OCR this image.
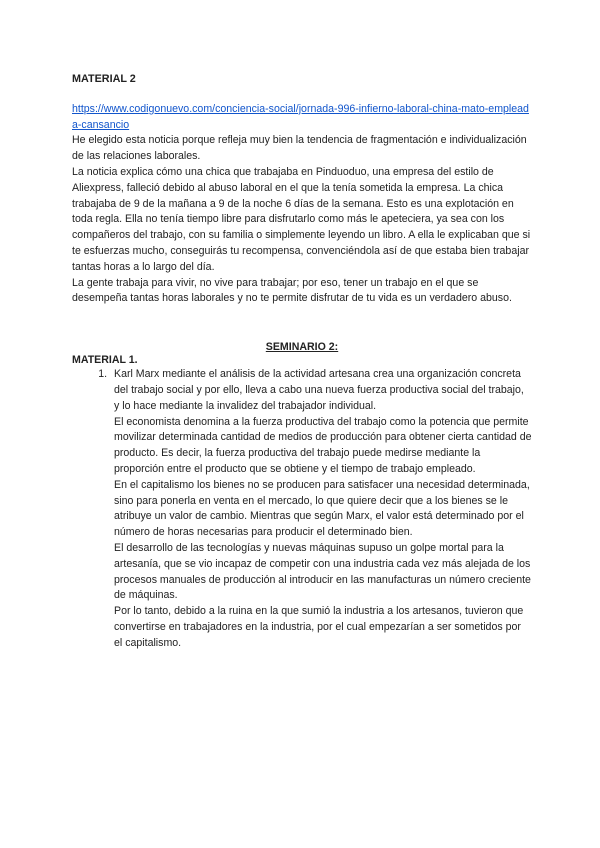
MATERIAL 2
https://www.codigonuevo.com/conciencia-social/jornada-996-infierno-laboral-china-mato-empleada-cansancio

He elegido esta noticia porque refleja muy bien la tendencia de fragmentación e individualización de las relaciones laborales.

La noticia explica cómo una chica que trabajaba en Pinduoduo, una empresa del estilo de Aliexpress, falleció debido al abuso laboral en el que la tenía sometida la empresa. La chica trabajaba de 9 de la mañana a 9 de la noche 6 días de la semana. Esto es una explotación en toda regla. Ella no tenía tiempo libre para disfrutarlo como más le apeteciera, ya sea con los compañeros del trabajo, con su familia o simplemente leyendo un libro. A ella le explicaban que si te esfuerzas mucho, conseguirás tu recompensa, convenciéndola así de que estaba bien trabajar tantas horas a lo largo del día.

La gente trabaja para vivir, no vive para trabajar; por eso, tener un trabajo en el que se desempeña tantas horas laborales y no te permite disfrutar de tu vida es un verdadero abuso.

SEMINARIO 2:
MATERIAL 1.

1. Karl Marx mediante el análisis de la actividad artesana crea una organización concreta del trabajo social y por ello, lleva a cabo una nueva fuerza productiva social del trabajo, y lo hace mediante la invalidez del trabajador individual.

El economista denomina a la fuerza productiva del trabajo como la potencia que permite movilizar determinada cantidad de medios de producción para obtener cierta cantidad de producto. Es decir, la fuerza productiva del trabajo puede medirse mediante la proporción entre el producto que se obtiene y el tiempo de trabajo empleado.

En el capitalismo los bienes no se producen para satisfacer una necesidad determinada, sino para ponerla en venta en el mercado, lo que quiere decir que a los bienes se le atribuye un valor de cambio. Mientras que según Marx, el valor está determinado por el número de horas necesarias para producir el determinado bien.

El desarrollo de las tecnologías y nuevas máquinas supuso un golpe mortal para la artesanía, que se vio incapaz de competir con una industria cada vez más alejada de los procesos manuales de producción al introducir en las manufacturas un número creciente de máquinas.

Por lo tanto, debido a la ruina en la que sumió la industria a los artesanos, tuvieron que convertirse en trabajadores en la industria, por el cual empezarían a ser sometidos por el capitalismo.
